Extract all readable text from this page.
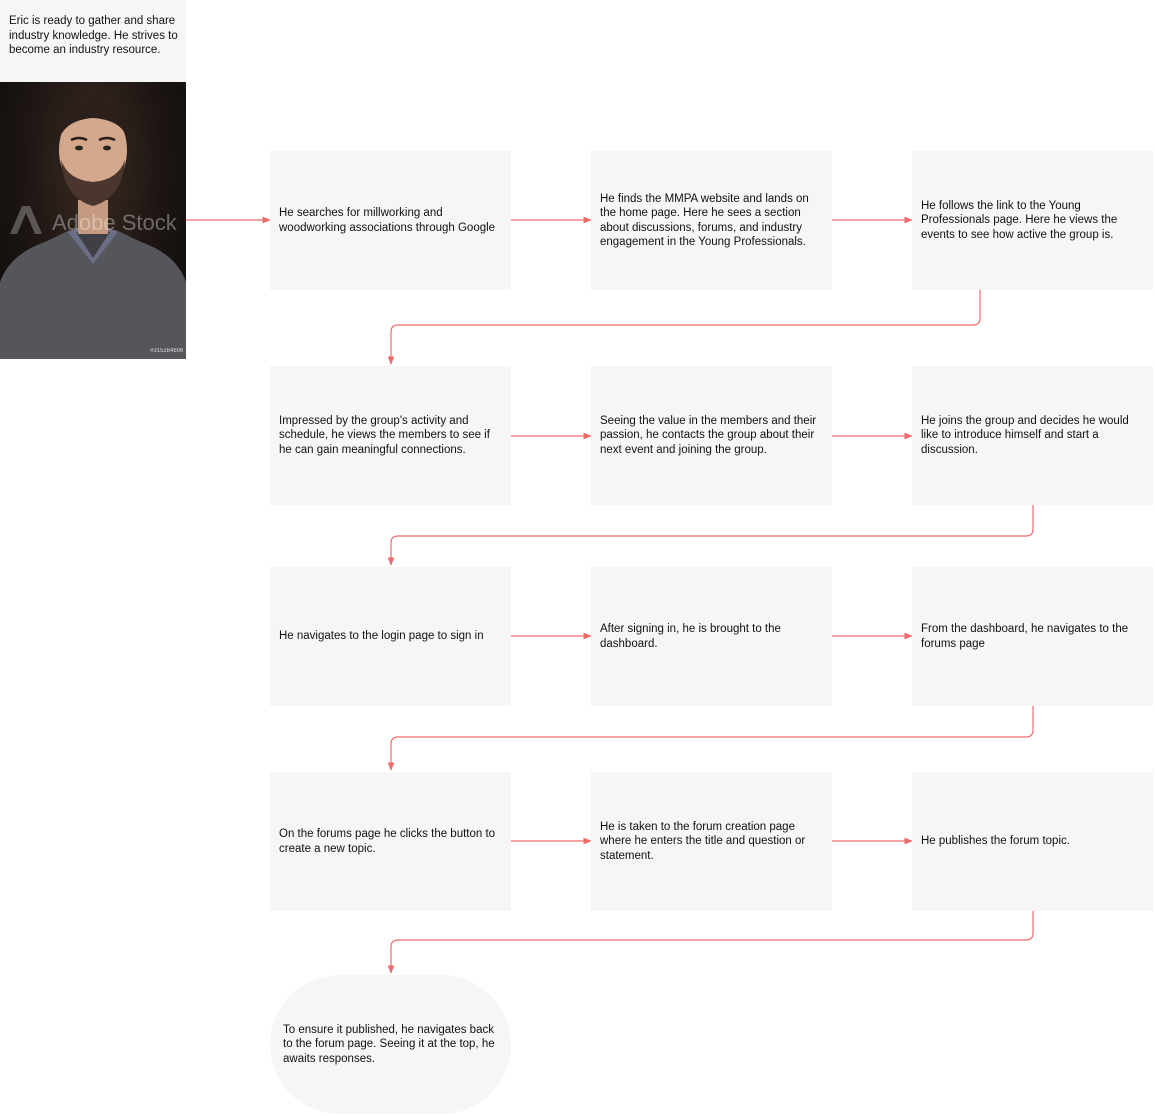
Eric is ready to gather and share industry knowledge. He strives to become an industry resource.
Adobe Stock
#315284806
He searches for millworking and woodworking associations through Google
He finds the MMPA website and lands on the home page. Here he sees a section about discussions, forums, and industry engagement in the Young Professionals.
He follows the link to the Young Professionals page. Here he views the events to see how active the group is.
Impressed by the group's activity and schedule, he views the members to see if he can gain meaningful connections.
Seeing the value in the members and their passion, he contacts the group about their next event and joining the group.
He joins the group and decides he would like to introduce himself and start a discussion.
He navigates to the login page to sign in
After signing in, he is brought to the dashboard.
From the dashboard, he navigates to the forums page
On the forums page he clicks the button to create a new topic.
He is taken to the forum creation page where he enters the title and question or statement.
He publishes the forum topic.
To ensure it published, he navigates back to the forum page. Seeing it at the top, he awaits responses.
